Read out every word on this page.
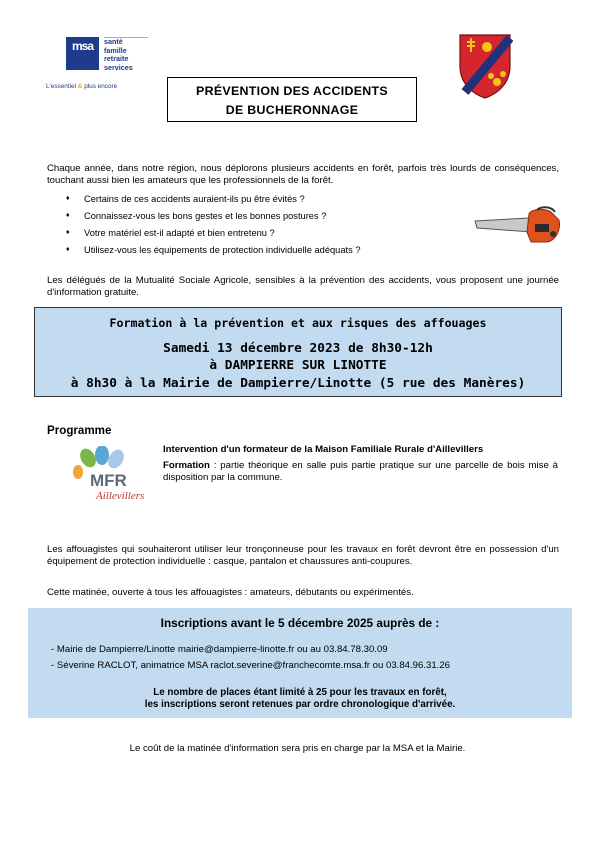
msa	santé
famille
retraite
services
L'essentiel & plus encore	PRÉVENTION DES ACCIDENTS
DE BUCHERONNAGE
Chaque année, dans notre région, nous déplorons plusieurs accidents en forêt, parfois très lourds de conséquences, touchant aussi bien les amateurs que les professionnels de la forêt.
♦ Certains de ces accidents auraient-ils pu être évités ?
♦ Connaissez-vous les bons gestes et les bonnes postures ?
♦ Votre matériel est-il adapté et bien entretenu ?
♦ Utilisez-vous les équipements de protection individuelle adéquats ?
Les délégués de la Mutualité Sociale Agricole, sensibles à la prévention des accidents, vous proposent une journée d'information gratuite.
Formation à la prévention et aux risques des affouages
Samedi 13 décembre 2023 de 8h30-12h
à DAMPIERRE SUR LINOTTE
à 8h30 à la Mairie de Dampierre/Linotte (5 rue des Manères)
Programme
MFR
Aillevillers
Intervention d'un formateur de la Maison Familiale Rurale d'Aillevillers
Formation : partie théorique en salle puis partie pratique sur une parcelle de bois mise à disposition par la commune.
Les affouagistes qui souhaiteront utiliser leur tronçonneuse pour les travaux en forêt devront être en possession d'un équipement de protection individuelle : casque, pantalon et chaussures anti-coupures.
Cette matinée, ouverte à tous les affouagistes : amateurs, débutants ou expérimentés.
Inscriptions avant le 5 décembre 2025 auprès de :
- Mairie de Dampierre/Linotte mairie@dampierre-linotte.fr ou au 03.84.78.30.09
- Séverine RACLOT, animatrice MSA raclot.severine@franchecomte.msa.fr ou 03.84.96.31.26
Le nombre de places étant limité à 25 pour les travaux en forêt,
les inscriptions seront retenues par ordre chronologique d'arrivée.
Le coût de la matinée d'information sera pris en charge par la MSA et la Mairie.
